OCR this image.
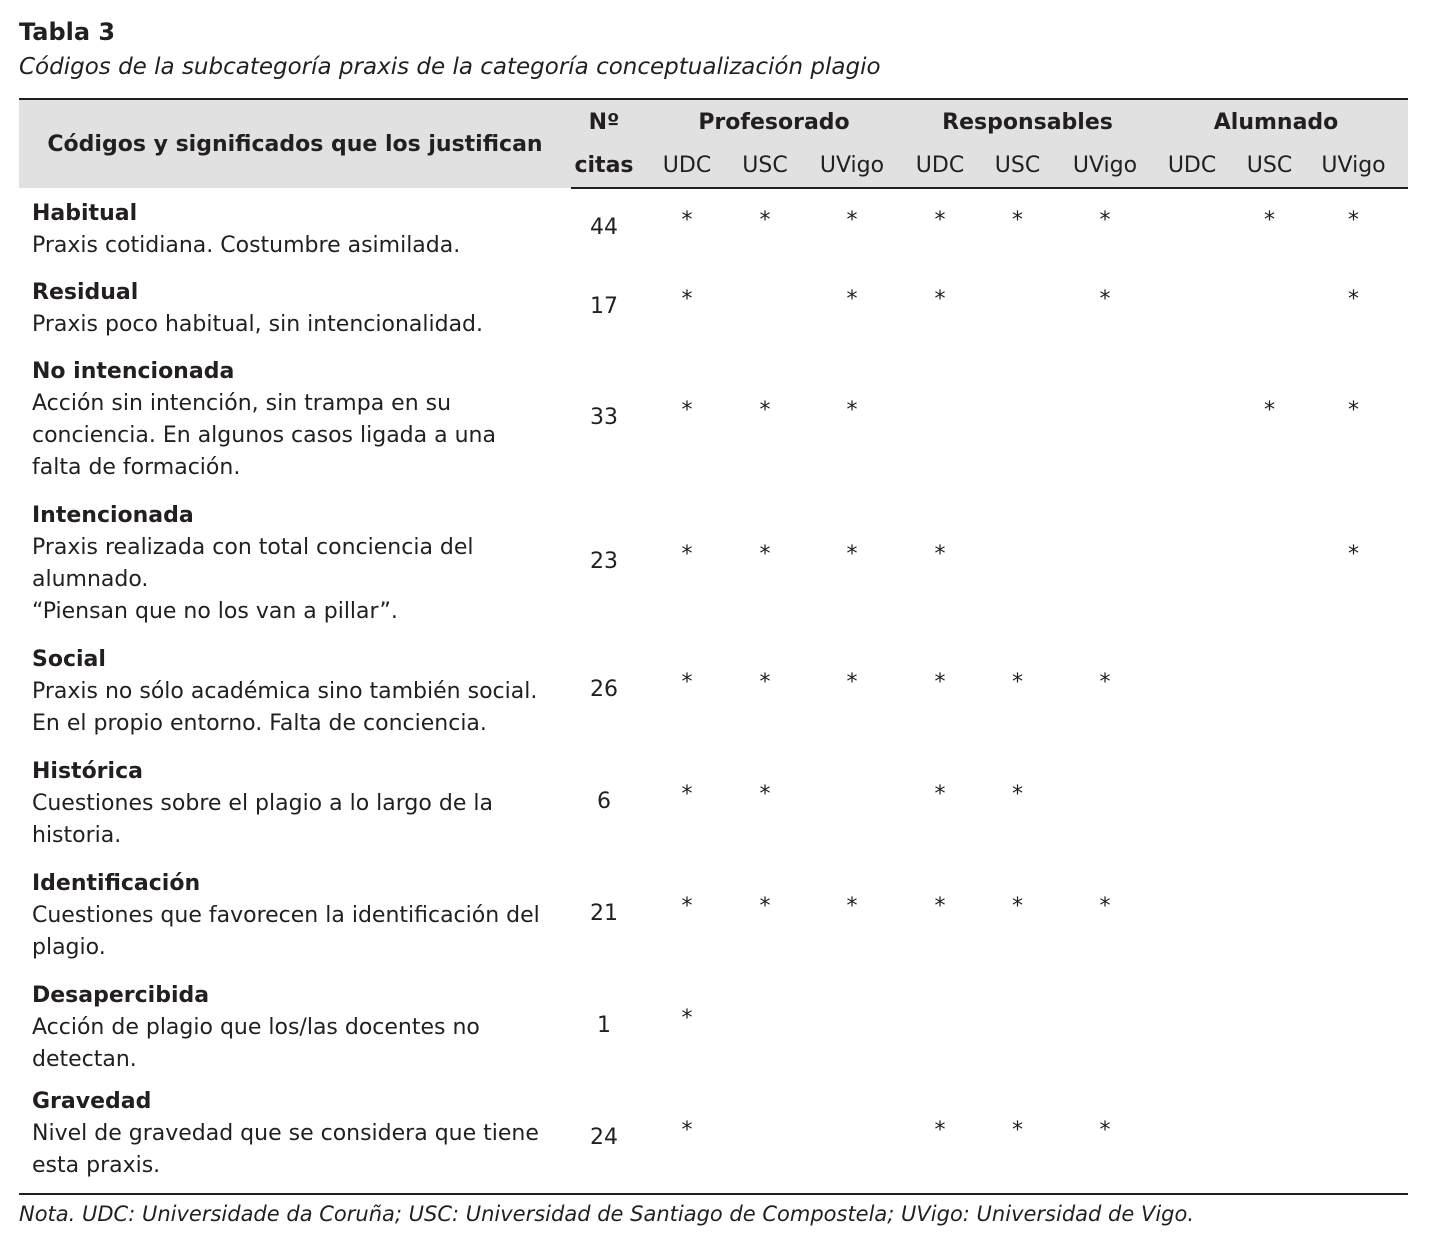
Tabla 3
Códigos de la subcategoría praxis de la categoría conceptualización plagio
Códigos y significados que los justifican	Nº	Profesorado			Responsables			Alumnado		
	citas	UDC	USC	UVigo	UDC	USC	UVigo	UDC	USC	UVigo

Habitual
Praxis cotidiana. Costumbre asimilada.	44	*	*	*	*	*	*		*	*

Residual
Praxis poco habitual, sin intencionalidad.	17	*		*	*		*			*

No intencionada
Acción sin intención, sin trampa en su conciencia. En algunos casos ligada a una falta de formación.	33	*	*	*					*	*

Intencionada
Praxis realizada con total conciencia del alumnado.
“Piensan que no los van a pillar”.	23	*	*	*	*					*

Social
Praxis no sólo académica sino también social. En el propio entorno. Falta de conciencia.	26	*	*	*	*	*	*			

Histórica
Cuestiones sobre el plagio a lo largo de la historia.	6	*	*		*	*				

Identificación
Cuestiones que favorecen la identificación del plagio.	21	*	*	*	*	*	*			

Desapercibida
Acción de plagio que los/las docentes no detectan.	1	*								

Gravedad
Nivel de gravedad que se considera que tiene esta praxis.	24	*			*	*	*			
Nota. UDC: Universidade da Coruña; USC: Universidad de Santiago de Compostela; UVigo: Universidad de Vigo.
